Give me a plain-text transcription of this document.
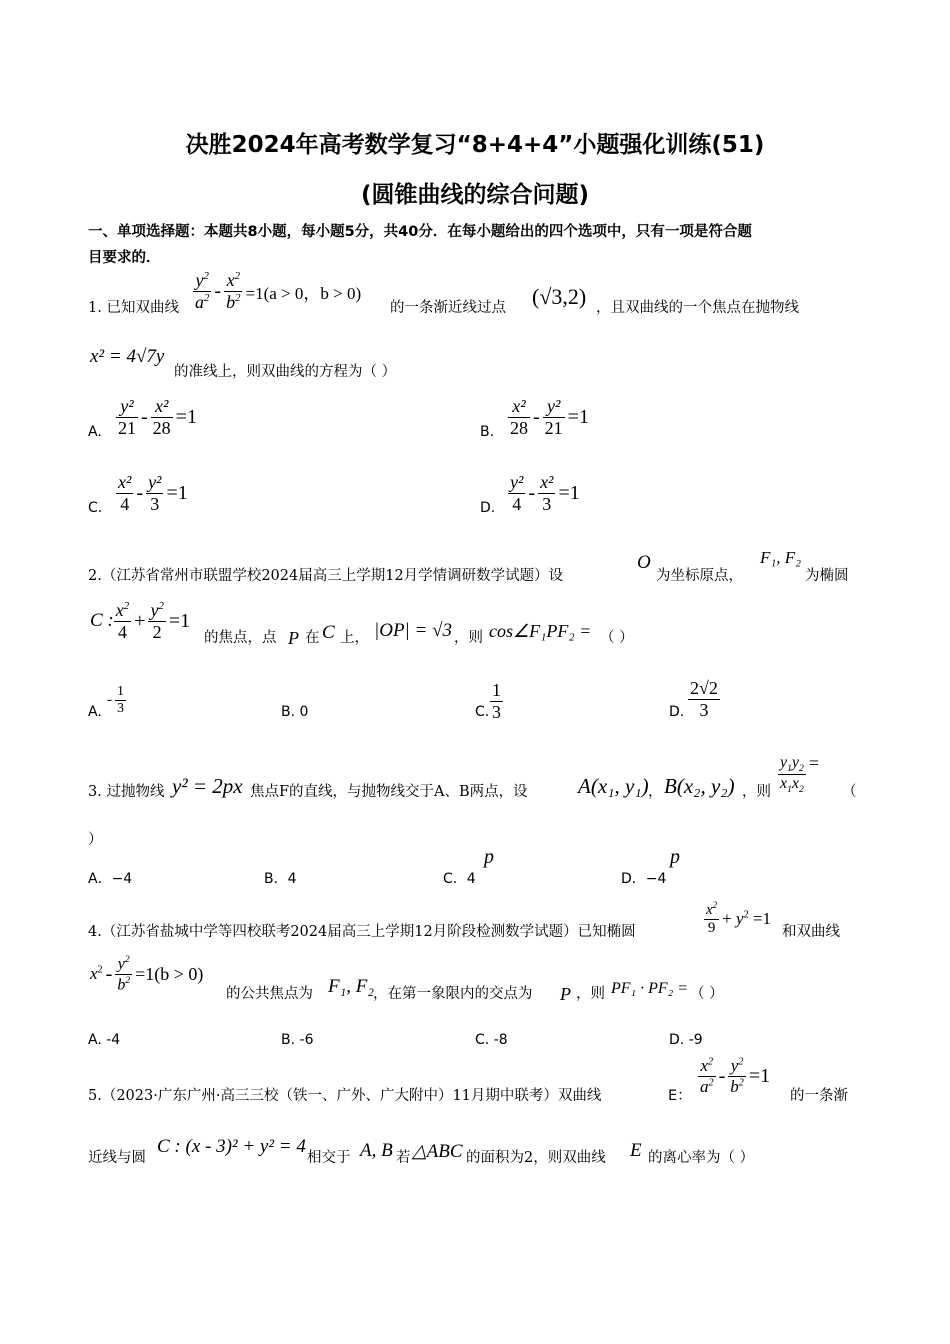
决胜2024年高考数学复习“8+4+4”小题强化训练(51)
(圆锥曲线的综合问题)
一、单项选择题：本题共8小题，每小题5分，共40分．在每小题给出的四个选项中，只有一项是符合题
目要求的．
1. 已知双曲线 $\frac{y^2}{a^2} - \frac{x^2}{b^2} =1(a > 0$，b > 0)
的一条渐近线过点 (√3,2) ，且双曲线的一个焦点在抛物线
x² = 4√7y
的准线上，则双曲线的方程为（ ）
A. $\frac{\text{y²}}{21} - \frac{\text{x²}}{28} =1$
B. $\frac{\text{x²}}{28} - \frac{\text{y²}}{21} =1$
C. $\frac{\text{x²}}{4} - \frac{\text{y²}}{3} =1$
D. $\frac{\text{y²}}{4} - \frac{\text{x²}}{3} =1$
2.（江苏省常州市联盟学校2024届高三上学期12月学情调研数学试题）设
O
为坐标原点，
F₁, F₂
为椭圆
C : $\frac{x^2}{4} + \frac{y^2}{2} =1$
的焦点，点 P 在 C 上， |OP| = √3 ，则 cos∠F₁PF₂ = （ ）
A.
- $\frac{1}{3}$	B. 0	C. $\frac{1}{3}$	D. $\frac{2√2}{3}$
3. 过抛物线 y² = 2px 焦点F的直线，与抛物线交于A、B两点，设 A(x₁, y₁) ， B(x₂, y₂) ，则 $\frac{y_1y_2}{x_1x_2}$ =
（
）
A．−4	B．4	C．4
p
D．−4
p
4.（江苏省盐城中学等四校联考2024届高三上学期12月阶段检测数学试题）已知椭圆	$\frac{x^2}{9} + y^2 =1$
和双曲线
$x^2 - \frac{y^2}{b^2} =1(b > 0)$
的公共焦点为 F₁, F₂ ，在第一象限内的交点为 P ，则 PF₁ · PF₂ = （ ）
A. -4	B. -6	C. -8	D. -9
5.（2023·广东广州·高三三校（铁一、广外、广大附中）11月期中联考）双曲线	E： $\frac{x^2}{a^2} - \frac{y^2}{b^2} =1$
的一条渐
近线与圆
C : (x - 3)² + y² = 4
相交于 A, B 若 △ABC 的面积为2，则双曲线 E 的离心率为（ ）
